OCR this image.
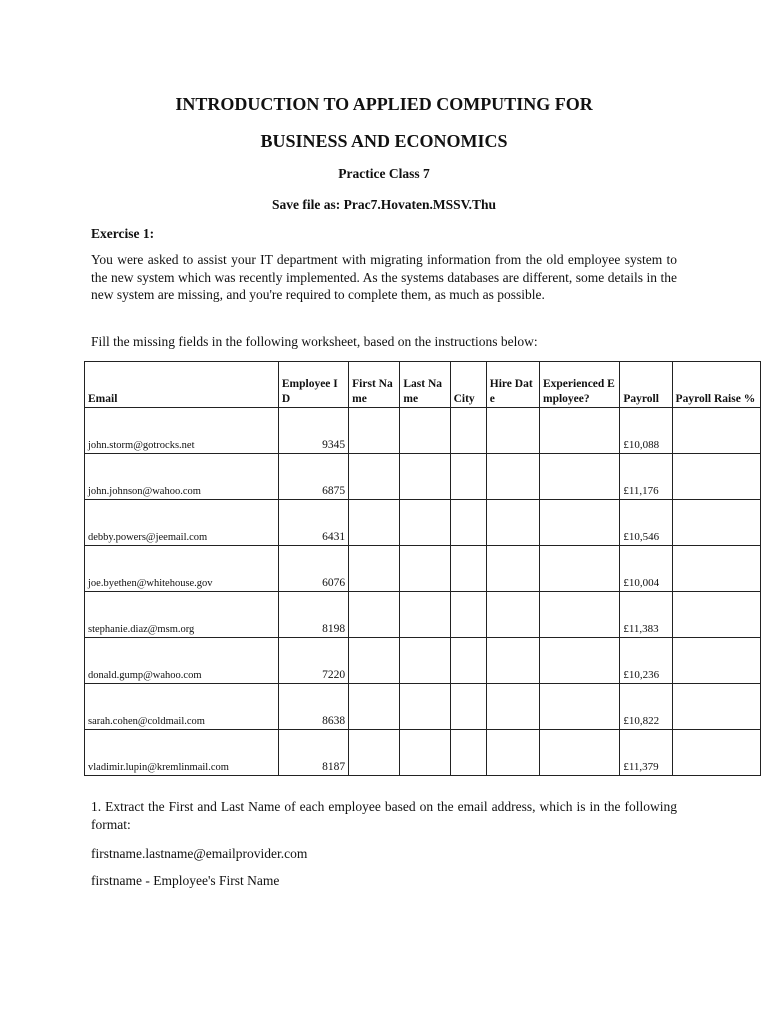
INTRODUCTION TO APPLIED COMPUTING FOR
BUSINESS AND ECONOMICS
Practice Class 7
Save file as: Prac7.Hovaten.MSSV.Thu
Exercise 1:
You were asked to assist your IT department with migrating information from the old employee system to the new system which was recently implemented. As the systems databases are different, some details in the new system are missing, and you're required to complete them, as much as possible.
Fill the missing fields in the following worksheet, based on the instructions below:
Email	Employee ID	First Name	Last Name	City	Hire Date	Experienced Employee?	Payroll	Payroll Raise %
john.storm@gotrocks.net	9345						£10,088	
john.johnson@wahoo.com	6875						£11,176	
debby.powers@jeemail.com	6431						£10,546	
joe.byethen@whitehouse.gov	6076						£10,004	
stephanie.diaz@msm.org	8198						£11,383	
donald.gump@wahoo.com	7220						£10,236	
sarah.cohen@coldmail.com	8638						£10,822	
vladimir.lupin@kremlinmail.com	8187						£11,379	
1. Extract the First and Last Name of each employee based on the email address, which is in the following format:
firstname.lastname@emailprovider.com
firstname - Employee's First Name
